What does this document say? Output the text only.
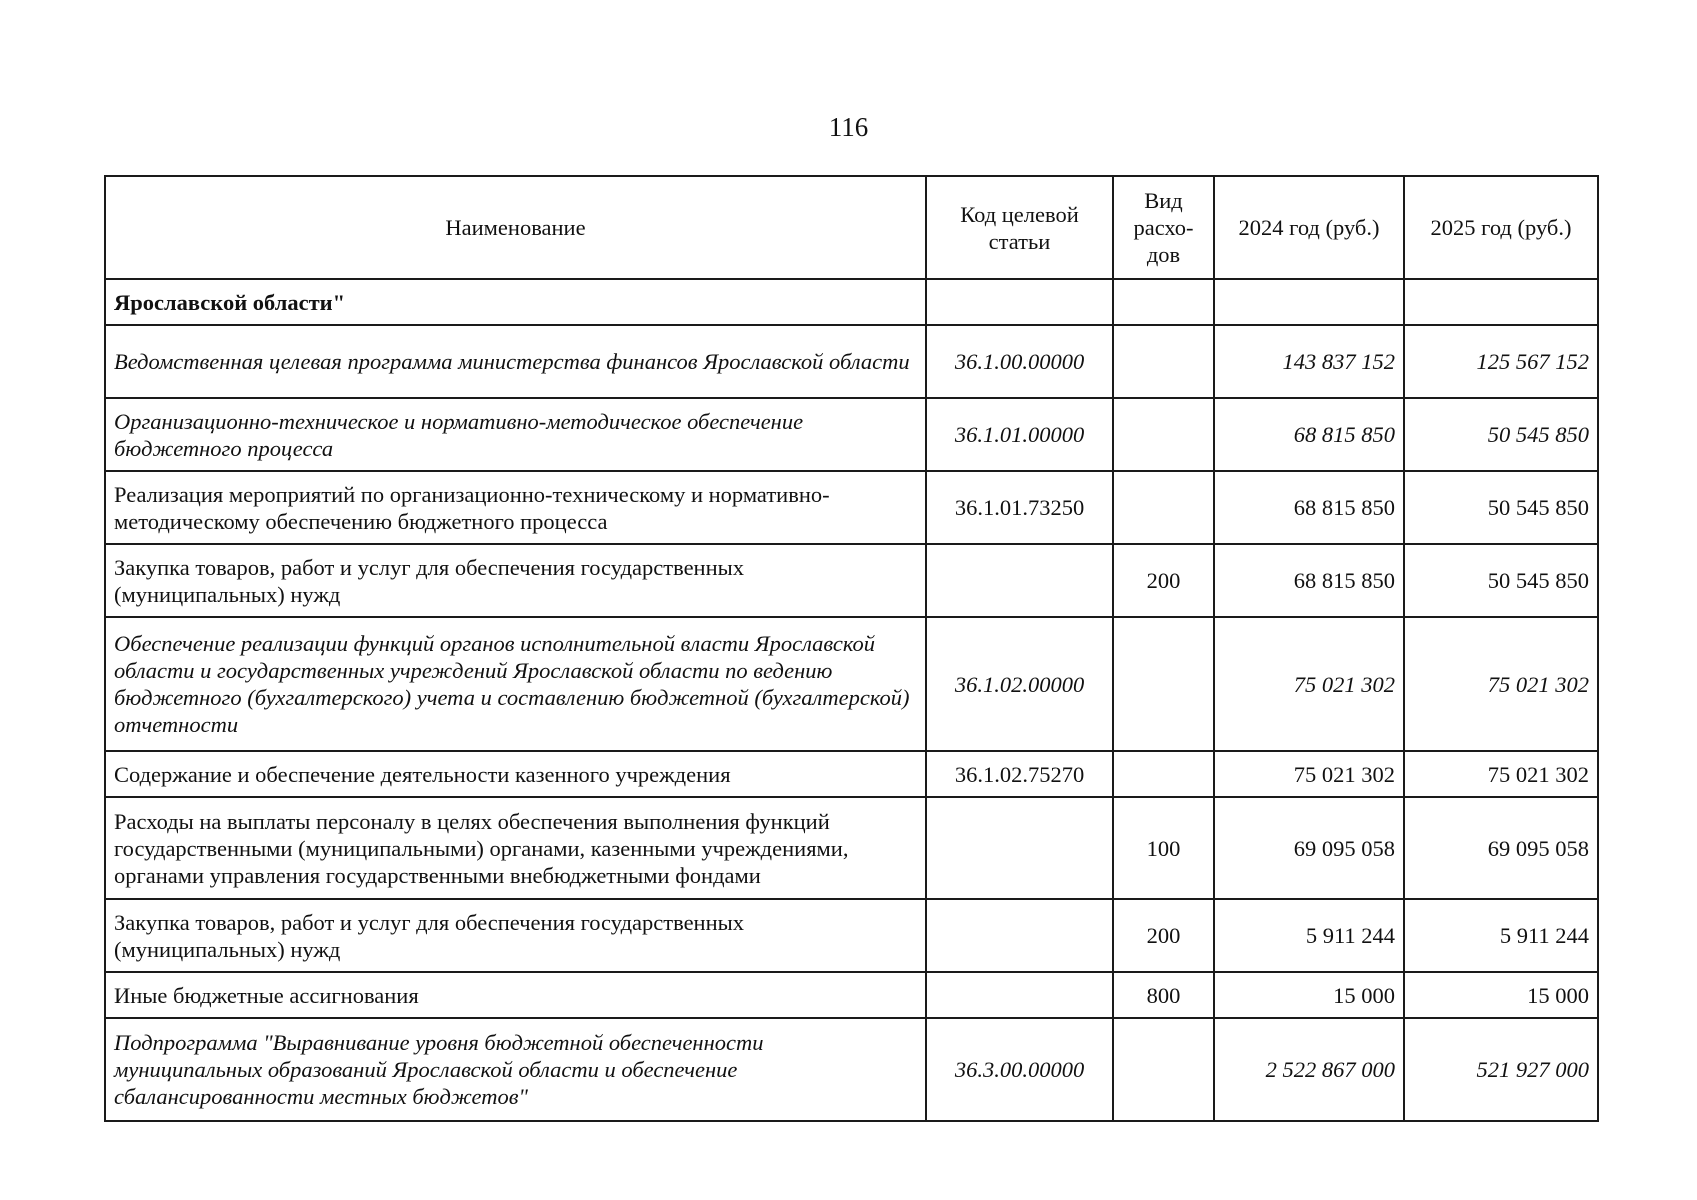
116
Наименование	Код целевой статьи	Вид расхо-дов	2024 год (руб.)	2025 год (руб.)
Ярославской области"				
Ведомственная целевая программа министерства финансов Ярославской области	36.1.00.00000		143 837 152	125 567 152
Организационно-техническое и нормативно-методическое обеспечение бюджетного процесса	36.1.01.00000		68 815 850	50 545 850
Реализация мероприятий по организационно-техническому и нормативно-методическому обеспечению бюджетного процесса	36.1.01.73250		68 815 850	50 545 850
Закупка товаров, работ и услуг для обеспечения государственных (муниципальных) нужд		200	68 815 850	50 545 850
Обеспечение реализации функций органов исполнительной власти Ярославской области и государственных учреждений Ярославской области по ведению бюджетного (бухгалтерского) учета и составлению бюджетной (бухгалтерской) отчетности	36.1.02.00000		75 021 302	75 021 302
Содержание и обеспечение деятельности казенного учреждения	36.1.02.75270		75 021 302	75 021 302
Расходы на выплаты персоналу в целях обеспечения выполнения функций государственными (муниципальными) органами, казенными учреждениями, органами управления государственными внебюджетными фондами		100	69 095 058	69 095 058
Закупка товаров, работ и услуг для обеспечения государственных (муниципальных) нужд		200	5 911 244	5 911 244
Иные бюджетные ассигнования		800	15 000	15 000
Подпрограмма "Выравнивание уровня бюджетной обеспеченности муниципальных образований Ярославской области и обеспечение сбалансированности местных бюджетов"	36.3.00.00000		2 522 867 000	521 927 000
